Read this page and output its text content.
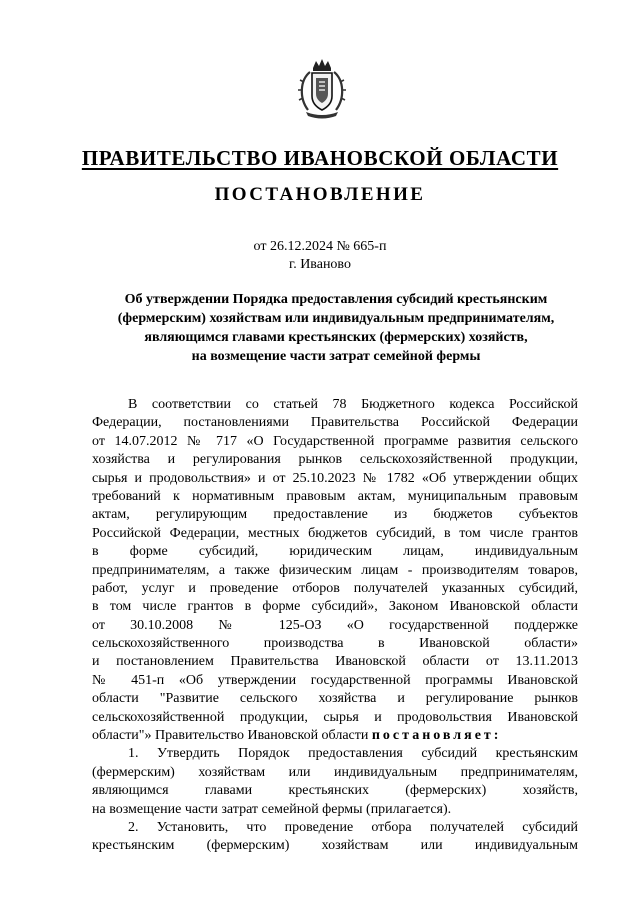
ПРАВИТЕЛЬСТВО ИВАНОВСКОЙ ОБЛАСТИ
ПОСТАНОВЛЕНИЕ
от 26.12.2024 № 665-п
г. Иваново
Об утверждении Порядка предоставления субсидий крестьянским
(фермерским) хозяйствам или индивидуальным предпринимателям,
являющимся главами крестьянских (фермерских) хозяйств,
на возмещение части затрат семейной фермы
В соответствии со статьей 78 Бюджетного кодекса Российской
Федерации, постановлениями Правительства Российской Федерации
от 14.07.2012 № 717 «О Государственной программе развития сельского
хозяйства и регулирования рынков сельскохозяйственной продукции,
сырья и продовольствия» и от 25.10.2023 № 1782 «Об утверждении общих
требований к нормативным правовым актам, муниципальным правовым
актам, регулирующим предоставление из бюджетов субъектов
Российской Федерации, местных бюджетов субсидий, в том числе грантов
в форме субсидий, юридическим лицам, индивидуальным
предпринимателям, а также физическим лицам - производителям товаров,
работ, услуг и проведение отборов получателей указанных субсидий,
в том числе грантов в форме субсидий», Законом Ивановской области
от 30.10.2008 № 125-ОЗ «О государственной поддержке
сельскохозяйственного производства в Ивановской области»
и постановлением Правительства Ивановской области от 13.11.2013
№ 451-п «Об утверждении государственной программы Ивановской
области "Развитие сельского хозяйства и регулирование рынков
сельскохозяйственной продукции, сырья и продовольствия Ивановской
области"» Правительство Ивановской области постановляет:
1. Утвердить Порядок предоставления субсидий крестьянским
(фермерским) хозяйствам или индивидуальным предпринимателям,
являющимся главами крестьянских (фермерских) хозяйств,
на возмещение части затрат семейной фермы (прилагается).
2. Установить, что проведение отбора получателей субсидий
крестьянским (фермерским) хозяйствам или индивидуальным
